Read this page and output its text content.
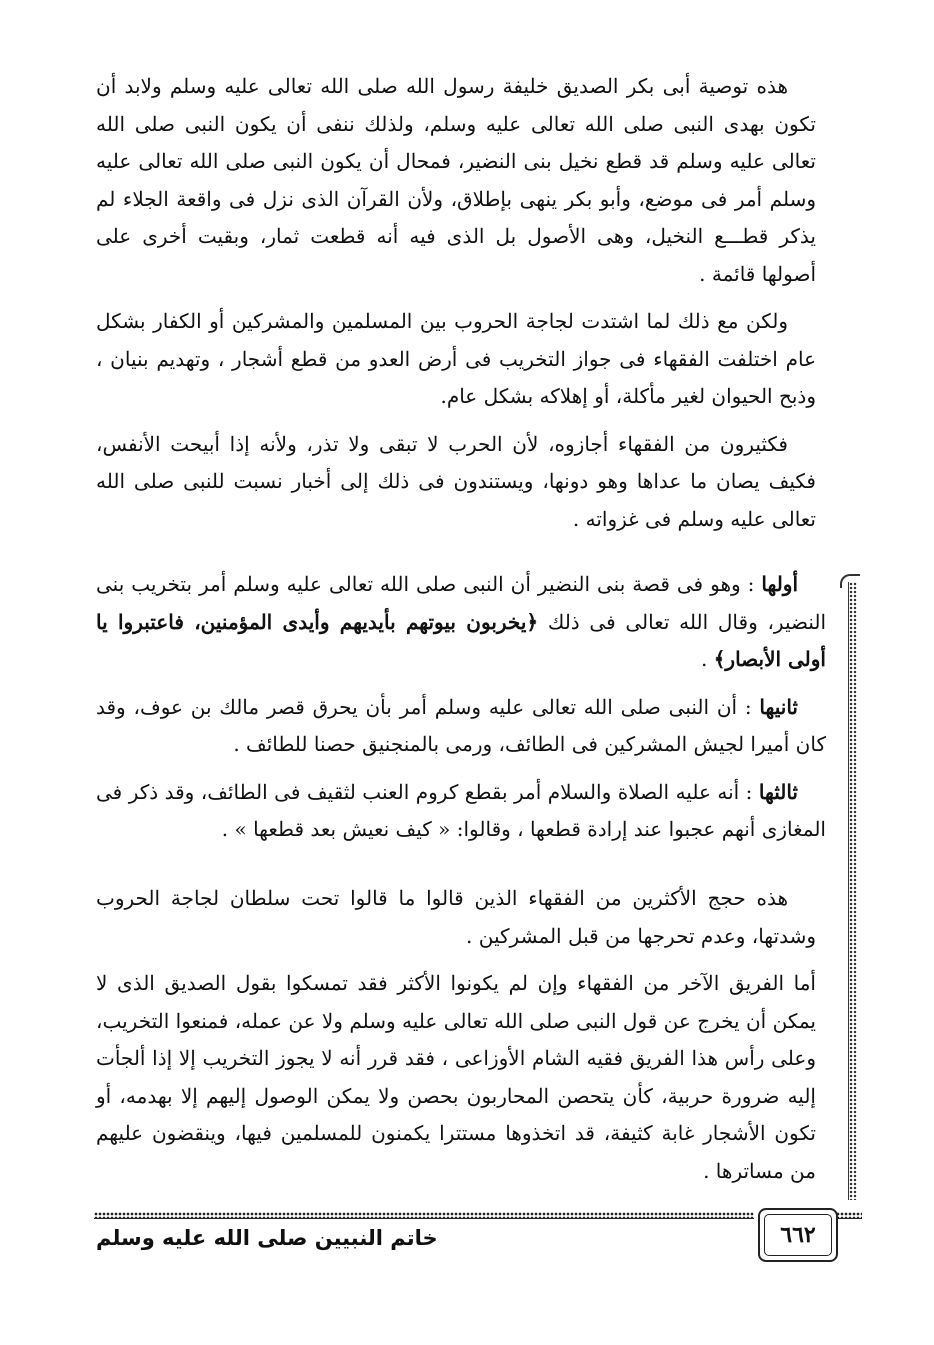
هذه توصية أبى بكر الصديق خليفة رسول الله صلى الله تعالى عليه وسلم ولابد أن تكون بهدى النبى صلى الله تعالى عليه وسلم، ولذلك ننفى أن يكون النبى صلى الله تعالى عليه وسلم قد قطع نخيل بنى النضير، فمحال أن يكون النبى صلى الله تعالى عليه وسلم أمر فى موضع، وأبو بكر ينهى بإطلاق، ولأن القرآن الذى نزل فى واقعة الجلاء لم يذكر قطـــع النخيل، وهى الأصول بل الذى فيه أنه قطعت ثمار، وبقيت أخرى على أصولها قائمة .

ولكن مع ذلك لما اشتدت لجاجة الحروب بين المسلمين والمشركين أو الكفار بشكل عام اختلفت الفقهاء فى جواز التخريب فى أرض العدو من قطع أشجار ، وتهديم بنيان ، وذبح الحيوان لغير مأكلة، أو إهلاكه بشكل عام.

فكثيرون من الفقهاء أجازوه، لأن الحرب لا تبقى ولا تذر، ولأنه إذا أبيحت الأنفس، فكيف يصان ما عداها وهو دونها، ويستندون فى ذلك إلى أخبار نسبت للنبى صلى الله تعالى عليه وسلم فى غزواته .

أولها : وهو فى قصة بنى النضير أن النبى صلى الله تعالى عليه وسلم أمر بتخريب بنى النضير، وقال الله تعالى فى ذلك ﴿يخربون بيوتهم بأيديهم وأيدى المؤمنين، فاعتبروا يا أولى الأبصار﴾ .

ثانيها : أن النبى صلى الله تعالى عليه وسلم أمر بأن يحرق قصر مالك بن عوف، وقد كان أميرا لجيش المشركين فى الطائف، ورمى بالمنجنيق حصنا للطائف .

ثالثها : أنه عليه الصلاة والسلام أمر بقطع كروم العنب لثقيف فى الطائف، وقد ذكر فى المغازى أنهم عجبوا عند إرادة قطعها ، وقالوا: « كيف نعيش بعد قطعها » .

هذه حجج الأكثرين من الفقهاء الذين قالوا ما قالوا تحت سلطان لجاجة الحروب وشدتها، وعدم تحرجها من قبل المشركين .

أما الفريق الآخر من الفقهاء وإن لم يكونوا الأكثر فقد تمسكوا بقول الصديق الذى لا يمكن أن يخرج عن قول النبى صلى الله تعالى عليه وسلم ولا عن عمله، فمنعوا التخريب، وعلى رأس هذا الفريق فقيه الشام الأوزاعى ، فقد قرر أنه لا يجوز التخريب إلا إذا ألجأت إليه ضرورة حربية، كأن يتحصن المحاربون بحصن ولا يمكن الوصول إليهم إلا بهدمه، أو تكون الأشجار غابة كثيفة، قد اتخذوها مستترا يكمنون للمسلمين فيها، وينقضون عليهم من مساترها .

٦٦٢
خاتم النبيين صلى الله عليه وسلم
